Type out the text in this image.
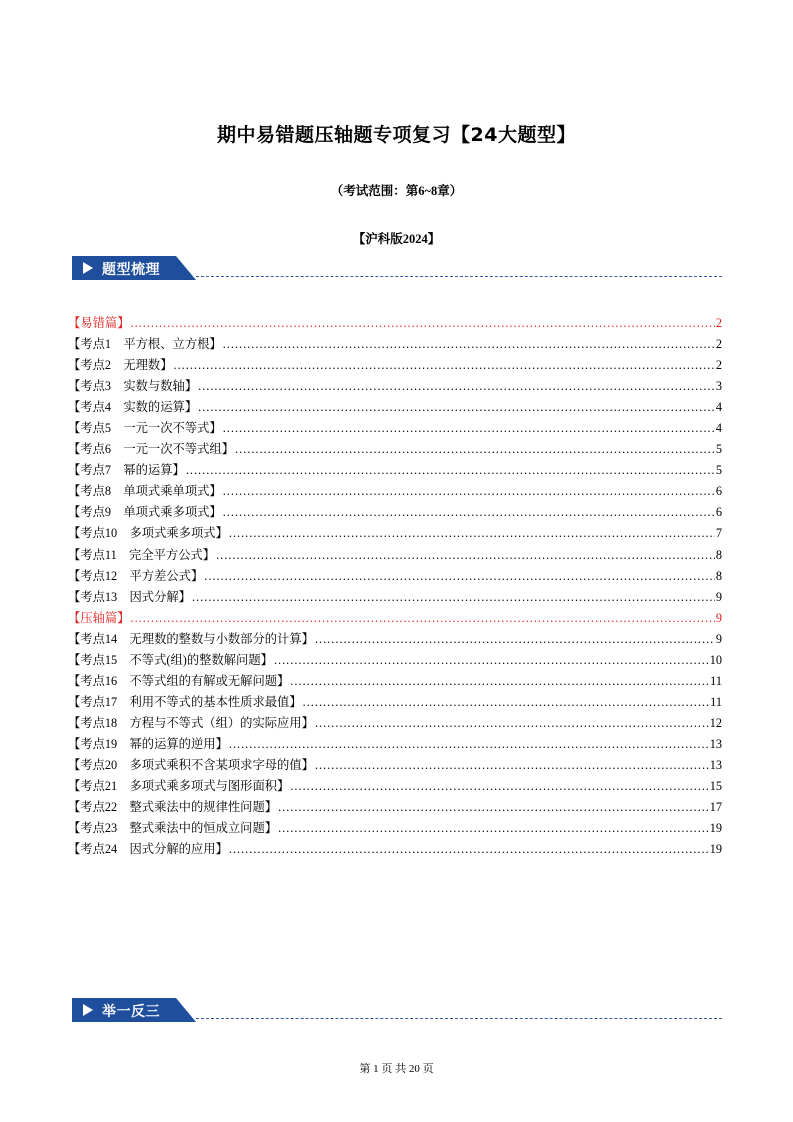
期中易错题压轴题专项复习【24大题型】
（考试范围：第6~8章）
【沪科版2024】
题型梳理
【易错篇】 .....	2
【考点1　平方根、立方根】 .....	2
【考点2　无理数】 .....	2
【考点3　实数与数轴】 .....	3
【考点4　实数的运算】 .....	4
【考点5　一元一次不等式】 .....	4
【考点6　一元一次不等式组】 .....	5
【考点7　幂的运算】 .....	5
【考点8　单项式乘单项式】 .....	6
【考点9　单项式乘多项式】 .....	6
【考点10　多项式乘多项式】 .....	7
【考点11　完全平方公式】 .....	8
【考点12　平方差公式】 .....	8
【考点13　因式分解】 .....	9
【压轴篇】 .....	9
【考点14　无理数的整数与小数部分的计算】 .....	9
【考点15　不等式(组)的整数解问题】 .....	10
【考点16　不等式组的有解或无解问题】 .....	11
【考点17　利用不等式的基本性质求最值】 .....	11
【考点18　方程与不等式（组）的实际应用】 .....	12
【考点19　幂的运算的逆用】 .....	13
【考点20　多项式乘积不含某项求字母的值】 .....	13
【考点21　多项式乘多项式与图形面积】 .....	15
【考点22　整式乘法中的规律性问题】 .....	17
【考点23　整式乘法中的恒成立问题】 .....	19
【考点24　因式分解的应用】 .....	19
举一反三
第 1 页 共 20 页
